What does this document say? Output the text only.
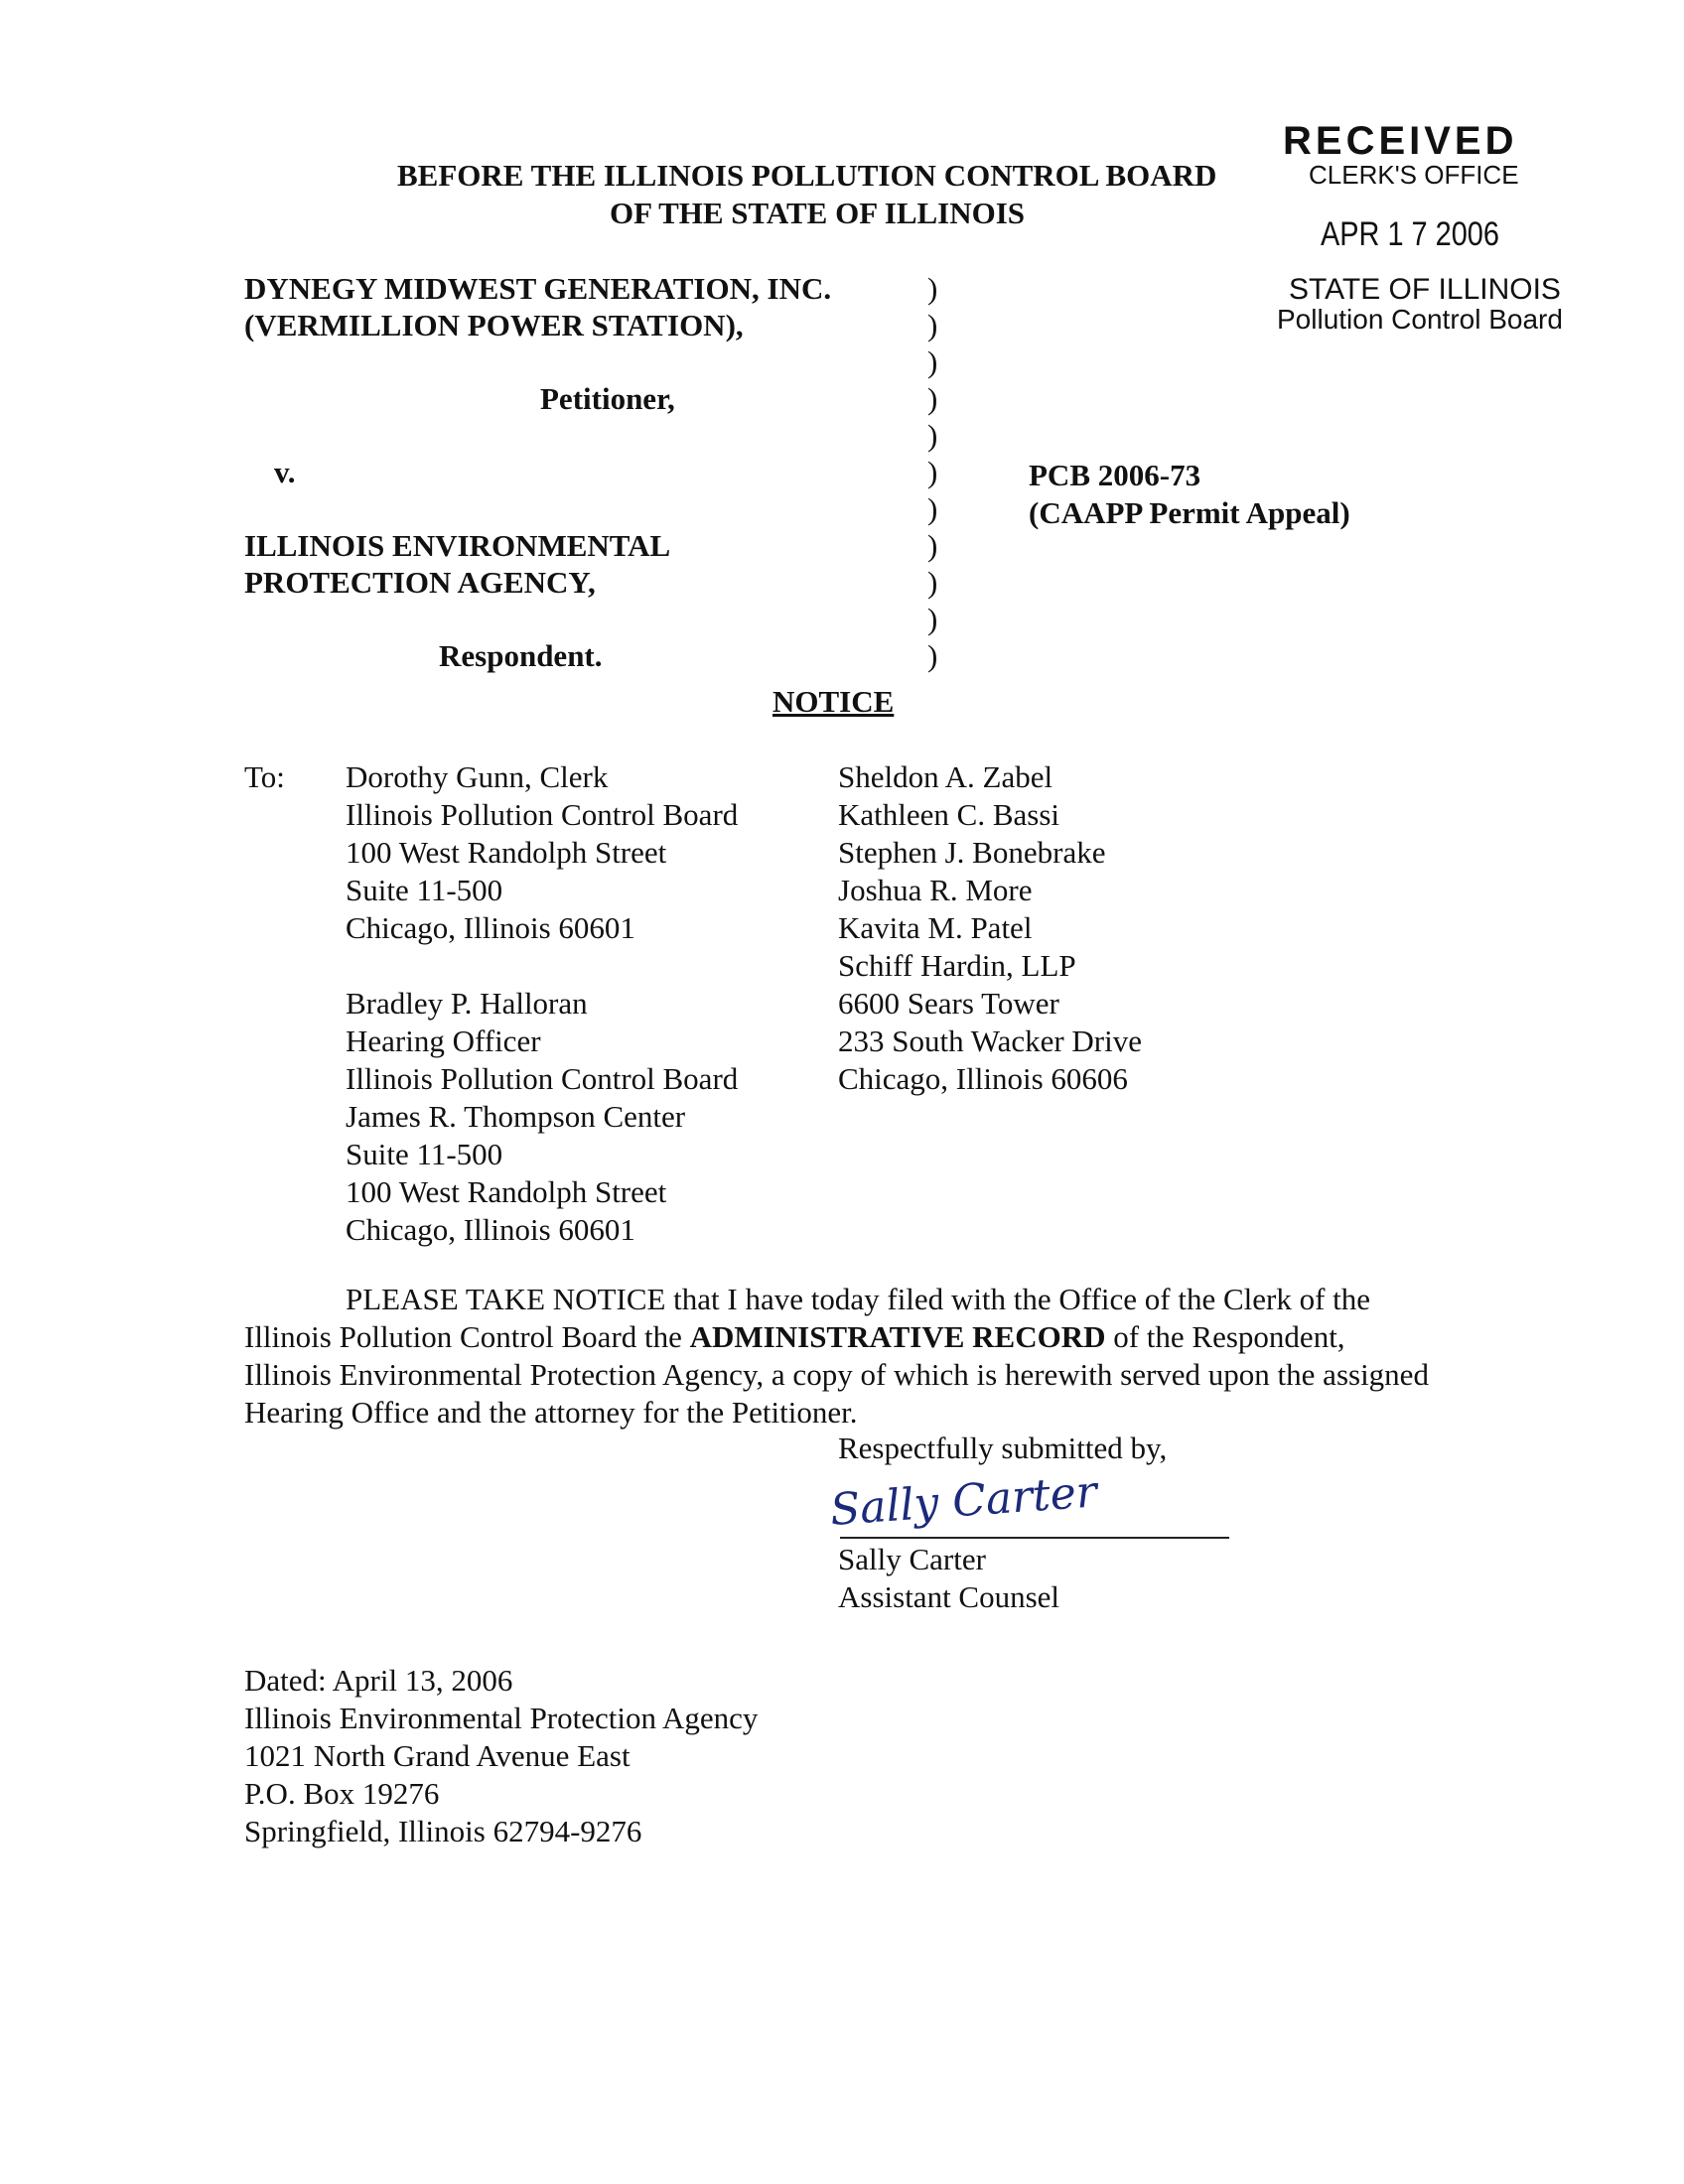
RECEIVED
CLERK'S OFFICE
APR 1 7 2006
STATE OF ILLINOIS
Pollution Control Board
BEFORE THE ILLINOIS POLLUTION CONTROL BOARD
OF THE STATE OF ILLINOIS
DYNEGY MIDWEST GENERATION, INC.
(VERMILLION POWER STATION),
Petitioner,
v.
ILLINOIS ENVIRONMENTAL
PROTECTION AGENCY,
Respondent.
)
)
)
)
)
)
)
)
)
)
)
PCB 2006-73
(CAAPP Permit Appeal)
NOTICE
To: Dorothy Gunn, Clerk
Illinois Pollution Control Board
100 West Randolph Street
Suite 11-500
Chicago, Illinois 60601
Bradley P. Halloran
Hearing Officer
Illinois Pollution Control Board
James R. Thompson Center
Suite 11-500
100 West Randolph Street
Chicago, Illinois 60601
Sheldon A. Zabel
Kathleen C. Bassi
Stephen J. Bonebrake
Joshua R. More
Kavita M. Patel
Schiff Hardin, LLP
6600 Sears Tower
233 South Wacker Drive
Chicago, Illinois 60606

PLEASE TAKE NOTICE that I have today filed with the Office of the Clerk of the Illinois Pollution Control Board the ADMINISTRATIVE RECORD of the Respondent, Illinois Environmental Protection Agency, a copy of which is herewith served upon the assigned Hearing Office and the attorney for the Petitioner.

Respectfully submitted by,
Sally Carter
Sally Carter
Assistant Counsel
Dated: April 13, 2006
Illinois Environmental Protection Agency
1021 North Grand Avenue East
P.O. Box 19276
Springfield, Illinois 62794-9276
